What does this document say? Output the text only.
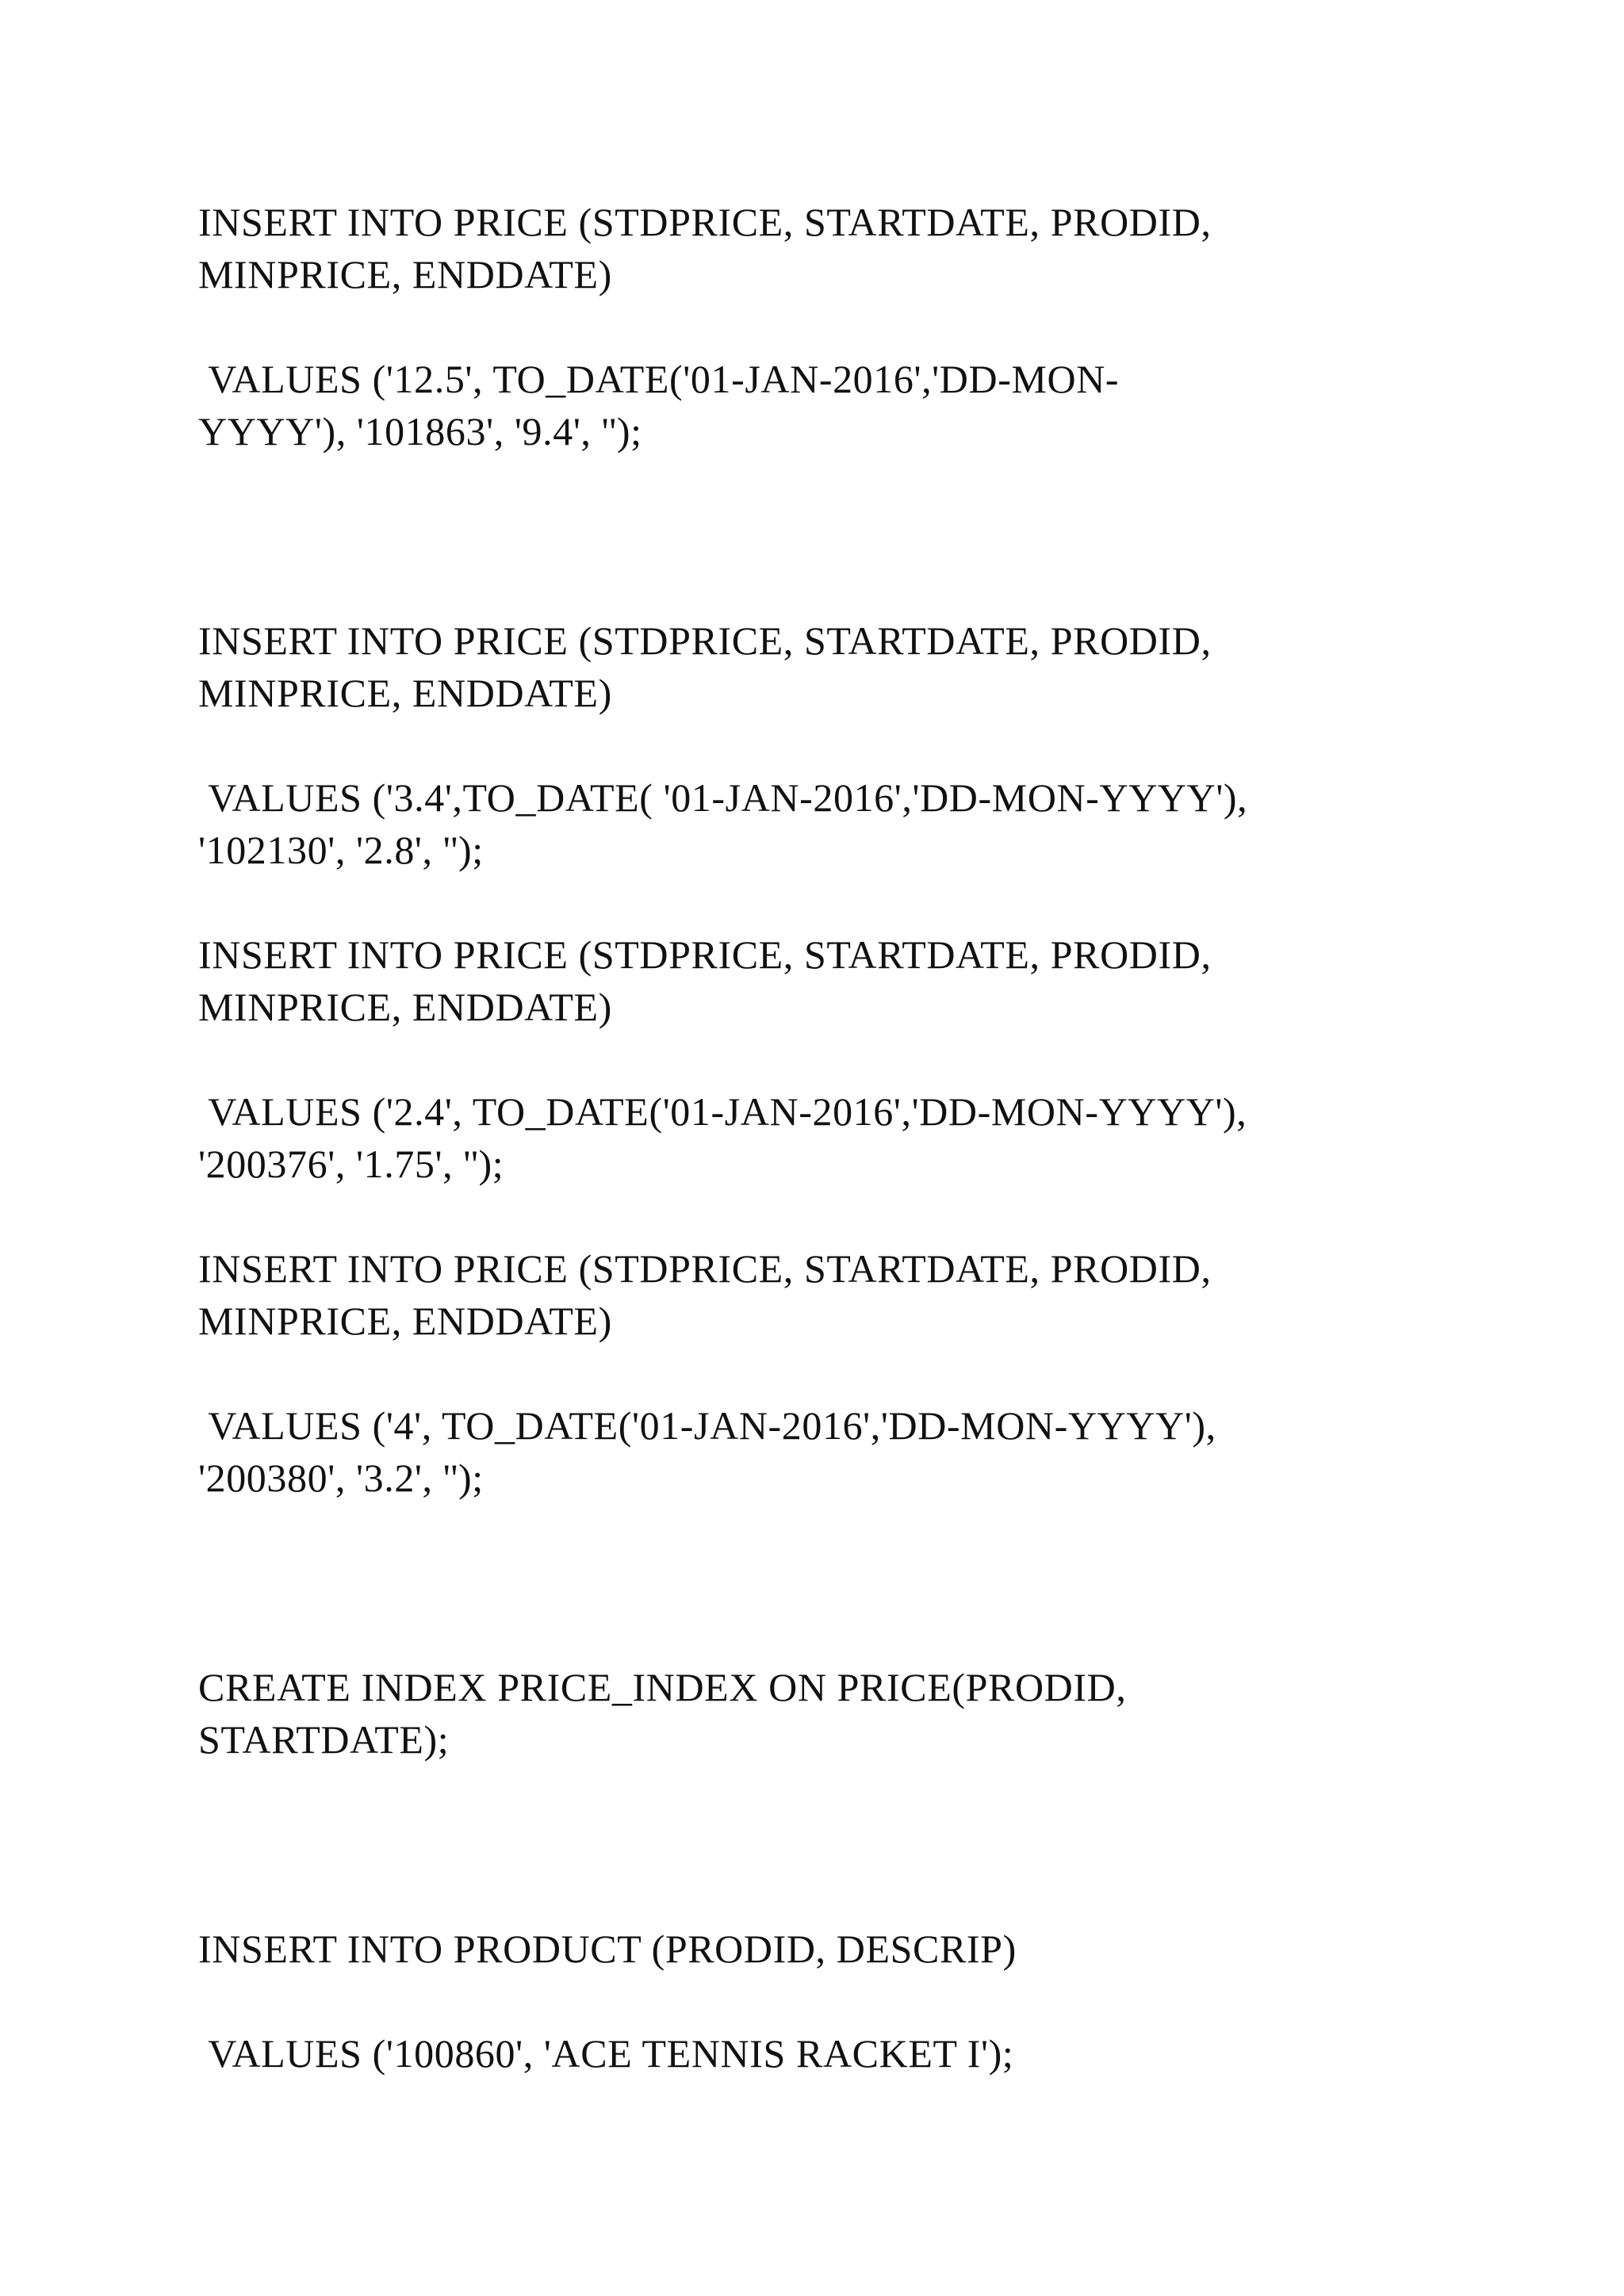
INSERT INTO PRICE (STDPRICE, STARTDATE, PRODID,
MINPRICE, ENDDATE)
VALUES ('12.5', TO_DATE('01-JAN-2016','DD-MON-
YYYY'), '101863', '9.4', '');
INSERT INTO PRICE (STDPRICE, STARTDATE, PRODID,
MINPRICE, ENDDATE)
VALUES ('3.4',TO_DATE( '01-JAN-2016','DD-MON-YYYY'),
'102130', '2.8', '');
INSERT INTO PRICE (STDPRICE, STARTDATE, PRODID,
MINPRICE, ENDDATE)
VALUES ('2.4', TO_DATE('01-JAN-2016','DD-MON-YYYY'),
'200376', '1.75', '');
INSERT INTO PRICE (STDPRICE, STARTDATE, PRODID,
MINPRICE, ENDDATE)
VALUES ('4', TO_DATE('01-JAN-2016','DD-MON-YYYY'),
'200380', '3.2', '');
CREATE INDEX PRICE_INDEX ON PRICE(PRODID,
STARTDATE);
INSERT INTO PRODUCT (PRODID, DESCRIP)
VALUES ('100860', 'ACE TENNIS RACKET I');
